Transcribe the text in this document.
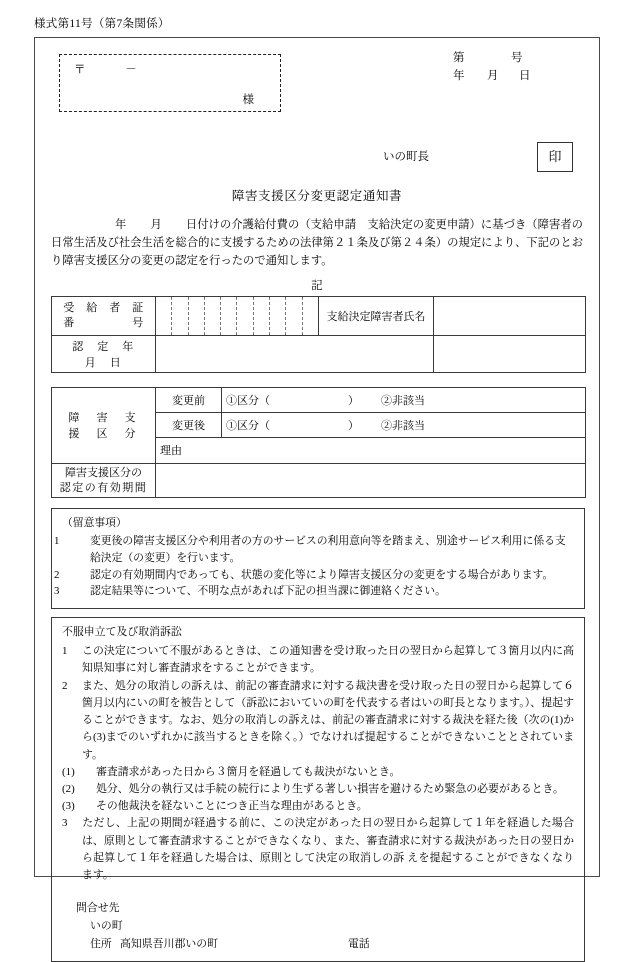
様式第11号（第7条関係）
〒	－
様
第	号
年 月 日
いの町長	印
障害支援区分変更認定通知書
年 月 日付けの介護給付費の（支給申請　支給決定の変更申請）に基づき（障害者の日常生活及び社会生活を総合的に支援するための法律第２１条及び第２４条）の規定により、下記のとおり障害支援区分の変更の認定を行ったので通知します。
記
受　給　者　証
番　　　　　号		支給決定障害者氏名	

認　定　年　月　日			

障　害　支　援　区　分	変更前	①区分（ ） ②非該当
	変更後	①区分（ ） ②非該当
	理由	

障害支援区分の
認定の有効期間		

（留意事項）
1	変更後の障害支援区分や利用者の方のサービスの利用意向等を踏まえ、別途サービス利用に係る支給決定（の変更）を行います。
2	認定の有効期間内であっても、状態の変化等により障害支援区分の変更をする場合があります。
3	認定結果等について、不明な点があれば下記の担当課に御連絡ください。
不服申立て及び取消訴訟
1 この決定について不服があるときは、この通知書を受け取った日の翌日から起算して３箇月以内に高知県知事に対し審査請求をすることができます。
2 また、処分の取消しの訴えは、前記の審査請求に対する裁決書を受け取った日の翌日から起算して６箇月以内にいの町を被告として（訴訟においていの町を代表する者はいの町長となります。）、提起することができます。なお、処分の取消しの訴えは、前記の審査請求に対する裁決を経た後（次の(1)から(3)までのいずれかに該当するときを除く。）でなければ提起することができないこととされています。
(1) 審査請求があった日から３箇月を経過しても裁決がないとき。
(2) 処分、処分の執行又は手続の続行により生ずる著しい損害を避けるため緊急の必要があるとき。
(3) その他裁決を経ないことにつき正当な理由があるとき。
3 ただし、上記の期間が経過する前に、この決定があった日の翌日から起算して１年を経過した場合は、原則として審査請求することができなくなり、また、審査請求に対する裁決があった日の翌日から起算して１年を経過した場合は、原則として決定の取消しの訴 えを提起することができなくなります。
問合せ先
いの町
住所 高知県吾川郡いの町	電話
